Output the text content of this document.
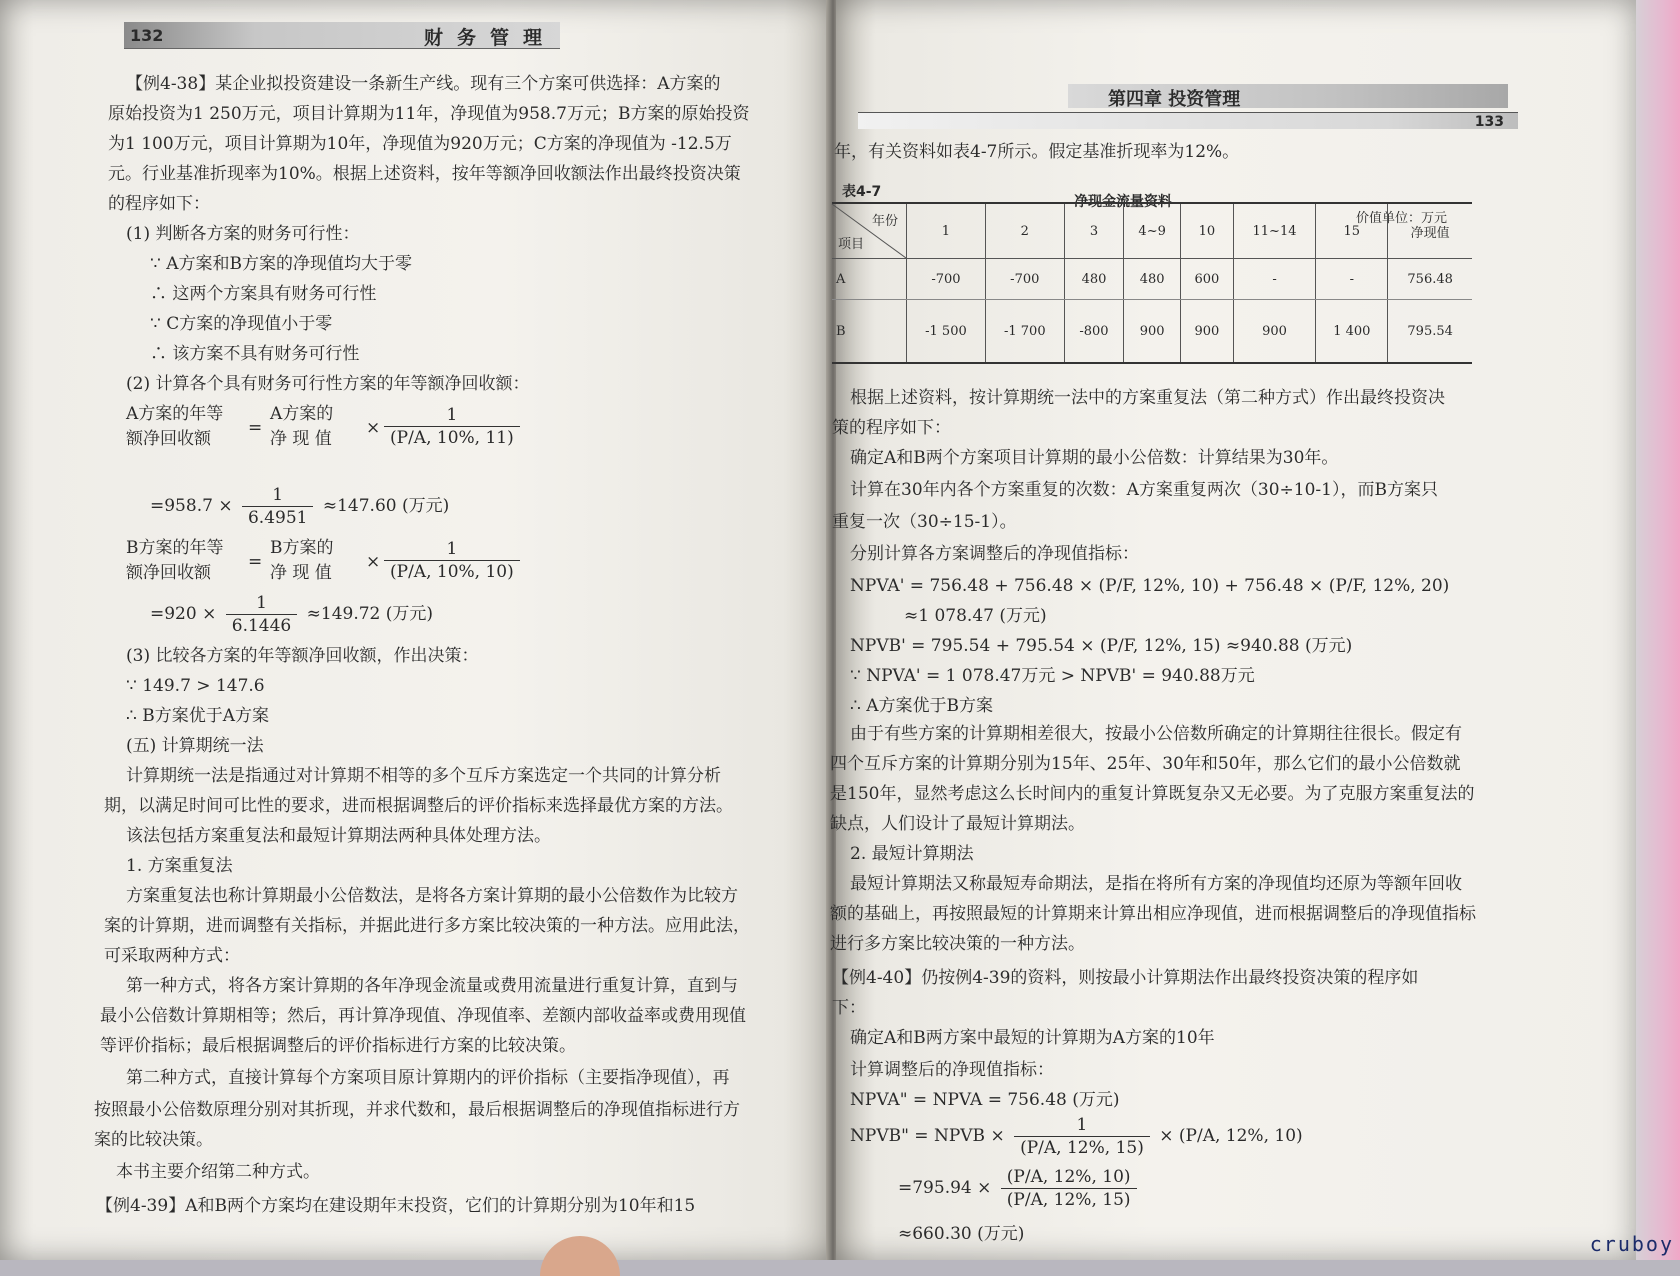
132	财务管理
【例4-38】某企业拟投资建设一条新生产线。现有三个方案可供选择：A方案的
原始投资为1 250万元，项目计算期为11年，净现值为958.7万元；B方案的原始投资
为1 100万元，项目计算期为10年，净现值为920万元；C方案的净现值为 -12.5万
元。行业基准折现率为10%。根据上述资料，按年等额净回收额法作出最终投资决策
的程序如下：
(1) 判断各方案的财务可行性：
∵ A方案和B方案的净现值均大于零
∴ 这两个方案具有财务可行性
∵ C方案的净现值小于零
∴ 该方案不具有财务可行性
(2) 计算各个具有财务可行性方案的年等额净回收额：
A方案的年等
额净回收额
=
A方案的
净 现 值
× $\frac{1}{(P/A, 10\%, 11)}$
$=958.7 \times \frac{1}{6.4951} \approx 147.60$ (万元)
B方案的年等
额净回收额
=
B方案的
净 现 值
× $\frac{1}{(P/A, 10\%, 10)}$
$=920 \times \frac{1}{6.1446} \approx 149.72$ (万元)
(3) 比较各方案的年等额净回收额，作出决策：
∵ 149.7 > 147.6
∴ B方案优于A方案
(五) 计算期统一法
计算期统一法是指通过对计算期不相等的多个互斥方案选定一个共同的计算分析
期，以满足时间可比性的要求，进而根据调整后的评价指标来选择最优方案的方法。
该法包括方案重复法和最短计算期法两种具体处理方法。
1. 方案重复法
方案重复法也称计算期最小公倍数法，是将各方案计算期的最小公倍数作为比较方
案的计算期，进而调整有关指标，并据此进行多方案比较决策的一种方法。应用此法，
可采取两种方式：
第一种方式，将各方案计算期的各年净现金流量或费用流量进行重复计算，直到与
最小公倍数计算期相等；然后，再计算净现值、净现值率、差额内部收益率或费用现值
等评价指标；最后根据调整后的评价指标进行方案的比较决策。
第二种方式，直接计算每个方案项目原计算期内的评价指标（主要指净现值），再
按照最小公倍数原理分别对其折现，并求代数和，最后根据调整后的净现值指标进行方
案的比较决策。
本书主要介绍第二种方式。
【例4-39】A和B两个方案均在建设期年末投资，它们的计算期分别为10年和15
第四章 投资管理
133
年，有关资料如表4-7所示。假定基准折现率为12%。
表4-7
净现金流量资料
价值单位：万元
年份
项目	1	2	3	4~9	10	11~14	15	净现值
A	-700	-700	480	480	600	-	-	756.48
B	-1 500	-1 700	-800	900	900	900	1 400	795.54
根据上述资料，按计算期统一法中的方案重复法（第二种方式）作出最终投资决
策的程序如下：
确定A和B两个方案项目计算期的最小公倍数：计算结果为30年。
计算在30年内各个方案重复的次数：A方案重复两次（30÷10-1），而B方案只
重复一次（30÷15-1）。
分别计算各方案调整后的净现值指标：
NPVA' = 756.48 + 756.48 × (P/F, 12%, 10) + 756.48 × (P/F, 12%, 20)
≈1 078.47 (万元)
NPVB' = 795.54 + 795.54 × (P/F, 12%, 15) ≈940.88 (万元)
∵ NPVA' = 1 078.47万元 > NPVB' = 940.88万元
∴ A方案优于B方案
由于有些方案的计算期相差很大，按最小公倍数所确定的计算期往往很长。假定有
四个互斥方案的计算期分别为15年、25年、30年和50年，那么它们的最小公倍数就
是150年，显然考虑这么长时间内的重复计算既复杂又无必要。为了克服方案重复法的
缺点，人们设计了最短计算期法。
2. 最短计算期法
最短计算期法又称最短寿命期法，是指在将所有方案的净现值均还原为等额年回收
额的基础上，再按照最短的计算期来计算出相应净现值，进而根据调整后的净现值指标
进行多方案比较决策的一种方法。
【例4-40】仍按例4-39的资料，则按最小计算期法作出最终投资决策的程序如
下：
确定A和B两方案中最短的计算期为A方案的10年
计算调整后的净现值指标：
NPVA" = NPVA = 756.48 (万元)
NPVB" = NPVB × $\frac{1}{(P/A, 12\%, 15)} \times (P/A$, 12%, 10)
$=795.94 \times \frac{(P/A, 12\%, 10)}{(P/A, 12\%, 15)}$
≈660.30 (万元)	cruboy
